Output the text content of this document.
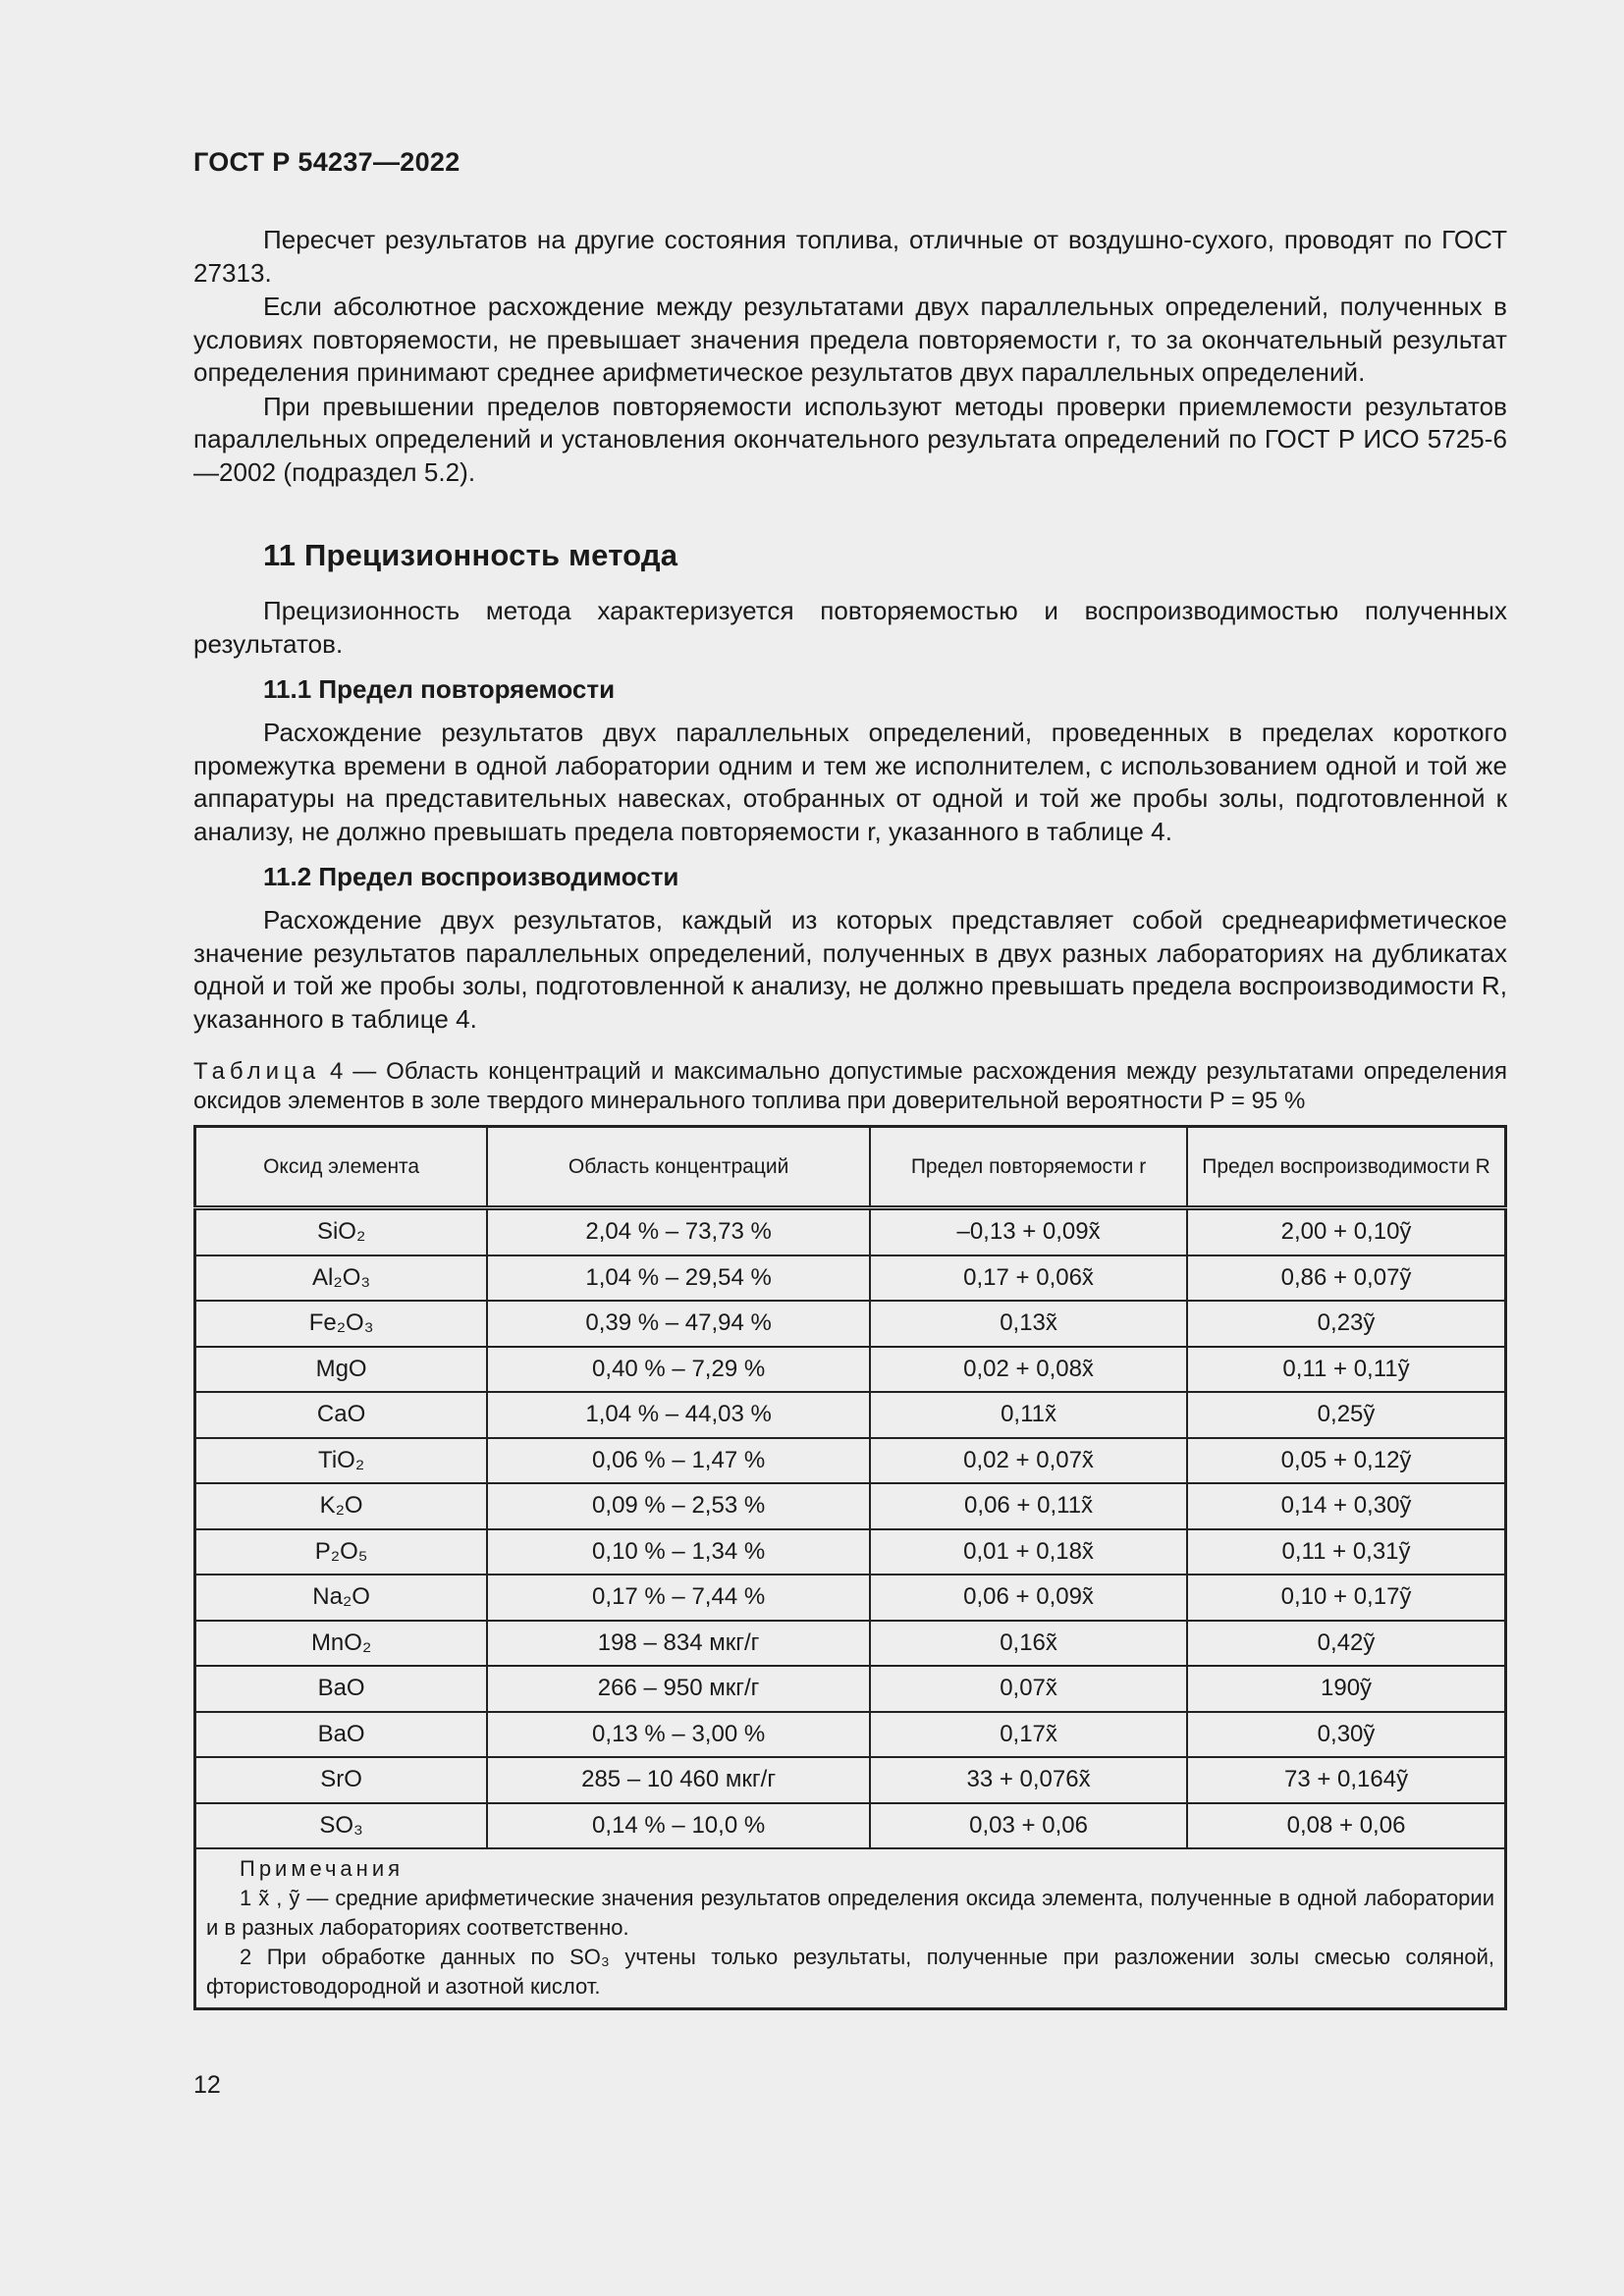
ГОСТ Р 54237—2022

Пересчет результатов на другие состояния топлива, отличные от воздушно-сухого, проводят по ГОСТ 27313.

Если абсолютное расхождение между результатами двух параллельных определений, полученных в условиях повторяемости, не превышает значения предела повторяемости r, то за окончательный результат определения принимают среднее арифметическое результатов двух параллельных определений.

При превышении пределов повторяемости используют методы проверки приемлемости результатов параллельных определений и установления окончательного результата определений по ГОСТ Р ИСО 5725-6—2002 (подраздел 5.2).

11 Прецизионность метода

Прецизионность метода характеризуется повторяемостью и воспроизводимостью полученных результатов.

11.1 Предел повторяемости

Расхождение результатов двух параллельных определений, проведенных в пределах короткого промежутка времени в одной лаборатории одним и тем же исполнителем, с использованием одной и той же аппаратуры на представительных навесках, отобранных от одной и той же пробы золы, подготовленной к анализу, не должно превышать предела повторяемости r, указанного в таблице 4.

11.2 Предел воспроизводимости

Расхождение двух результатов, каждый из которых представляет собой среднеарифметическое значение результатов параллельных определений, полученных в двух разных лабораториях на дубликатах одной и той же пробы золы, подготовленной к анализу, не должно превышать предела воспроизводимости R, указанного в таблице 4.

Таблица 4 — Область концентраций и максимально допустимые расхождения между результатами определения оксидов элементов в золе твердого минерального топлива при доверительной вероятности P = 95 %
Оксид элемента	Область концентраций	Предел повторяемости r	Предел воспроизводимости R
SiO₂	2,04 % – 73,73 %	–0,13 + 0,09x̃	2,00 + 0,10ỹ
Al₂O₃	1,04 % – 29,54 %	0,17 + 0,06x̃	0,86 + 0,07ỹ
Fe₂O₃	0,39 % – 47,94 %	0,13x̃	0,23ỹ
MgO	0,40 % – 7,29 %	0,02 + 0,08x̃	0,11 + 0,11ỹ
CaO	1,04 % – 44,03 %	0,11x̃	0,25ỹ
TiO₂	0,06 % – 1,47 %	0,02 + 0,07x̃	0,05 + 0,12ỹ
K₂O	0,09 % – 2,53 %	0,06 + 0,11x̃	0,14 + 0,30ỹ
P₂O₅	0,10 % – 1,34 %	0,01 + 0,18x̃	0,11 + 0,31ỹ
Na₂O	0,17 % – 7,44 %	0,06 + 0,09x̃	0,10 + 0,17ỹ
MnO₂	198 – 834 мкг/г	0,16x̃	0,42ỹ
BaO	266 – 950 мкг/г	0,07x̃	190ỹ
BaO	0,13 % – 3,00 %	0,17x̃	0,30ỹ
SrO	285 – 10 460 мкг/г	33 + 0,076x̃	73 + 0,164ỹ
SO₃	0,14 % – 10,0 %	0,03 + 0,06	0,08 + 0,06

Примечания
1 x̃ , ỹ — средние арифметические значения результатов определения оксида элемента, полученные в одной лаборатории и в разных лабораториях соответственно.
2 При обработке данных по SO₃ учтены только результаты, полученные при разложении золы смесью соляной, фтористоводородной и азотной кислот.			
12
